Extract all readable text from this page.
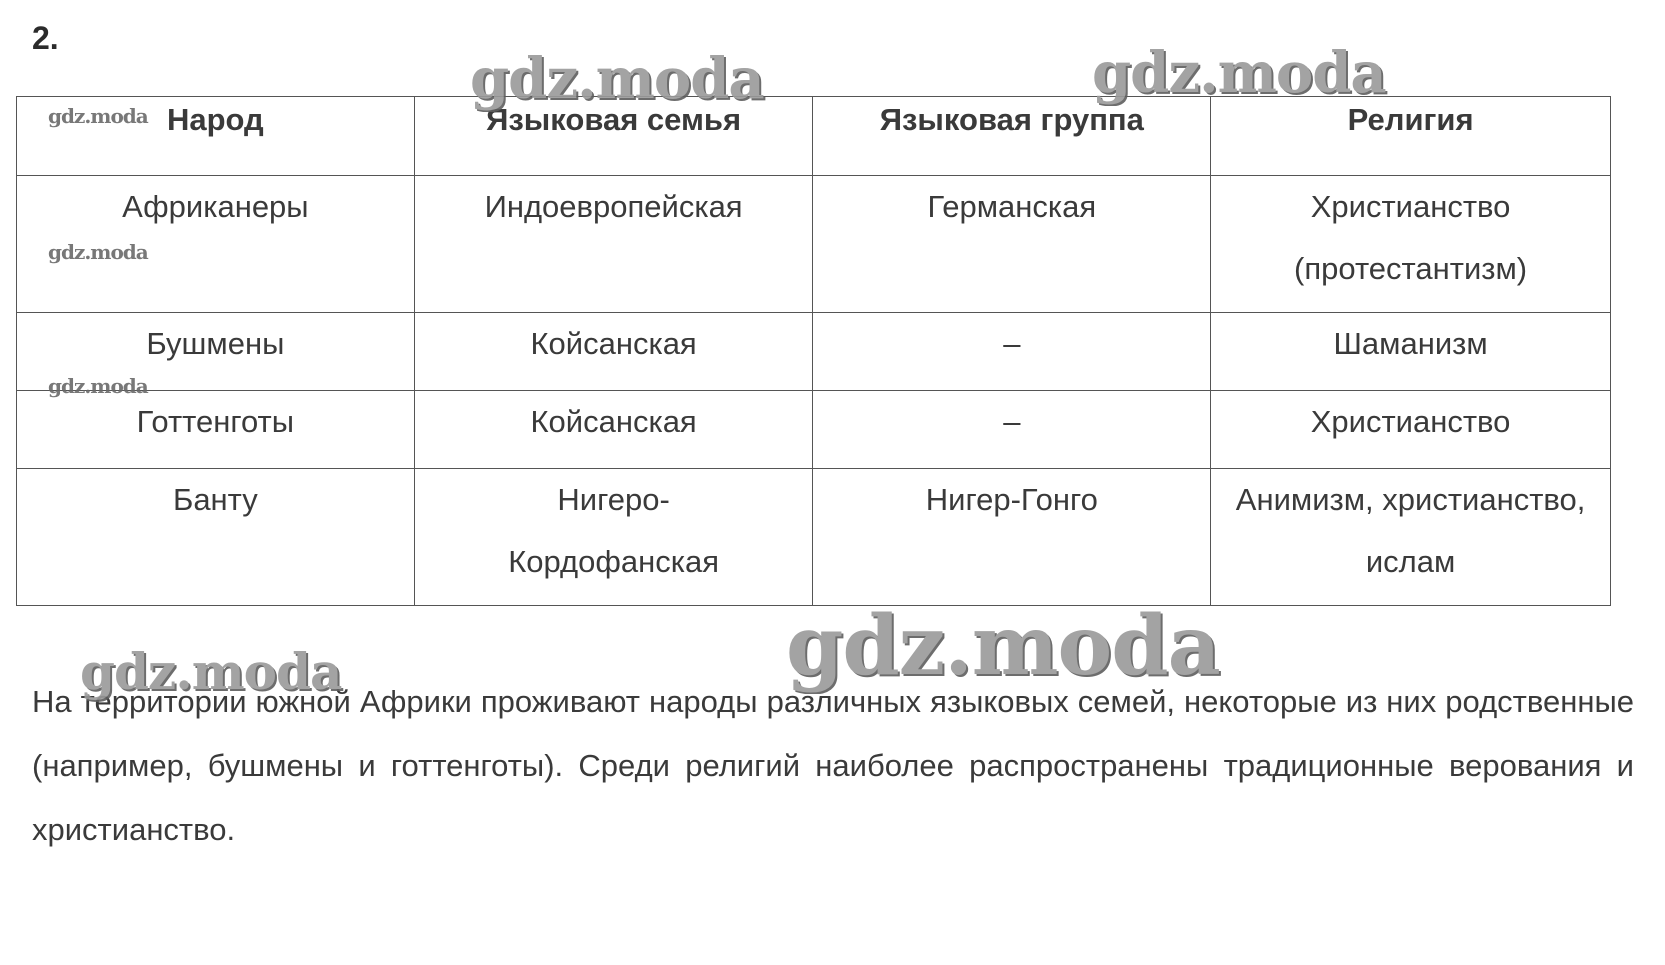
2.
Народ	Языковая семья	Языковая группа	Религия
Африканеры	Индоевропейская	Германская	Христианство (протестантизм)
Бушмены	Койсанская	–	Шаманизм
Готтенготы	Койсанская	–	Христианство
Банту	Нигеро-Кордофанская	Нигер-Гонго	Анимизм, христианство, ислам
На территории южной Африки проживают народы различных языковых семей, некоторые из них родственные (например, бушмены и готтенготы). Среди религий наиболее распространены традиционные верования и христианство.
gdz.moda	gdz.moda
gdz.moda
gdz.moda
gdz.moda
gdz.moda
gdz.moda
